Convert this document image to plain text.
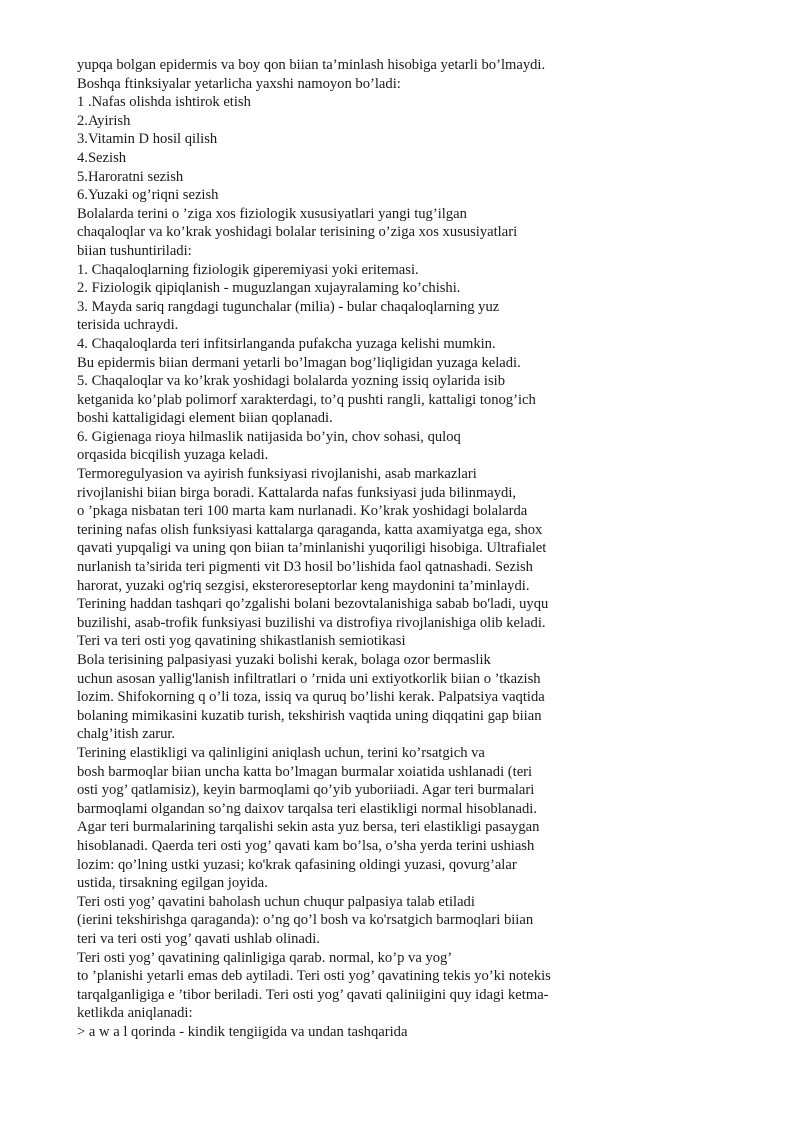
yupqa bolgan epidermis va boy qon biian ta’minlash hisobiga yetarli bo’lmaydi.

Boshqa ftinksiyalar yetarlicha yaxshi namoyon bo’ladi:

1 .Nafas olishda ishtirok etish

2.Ayirish

3.Vitamin D hosil qilish

4.Sezish

5.Haroratni sezish

6.Yuzaki og’riqni sezish

Bolalarda terini o ’ziga xos fiziologik xususiyatlari yangi tug’ilgan

chaqaloqlar va ko’krak yoshidagi bolalar terisining o’ziga xos xususiyatlari

biian tushuntiriladi:

1. Chaqaloqlarning fiziologik giperemiyasi yoki eritemasi.

2. Fiziologik qipiqlanish - muguzlangan xujayralaming ko’chishi.

3. Mayda sariq rangdagi tugunchalar (milia) - bular chaqaloqlarning yuz

terisida uchraydi.

4. Chaqaloqlarda teri infitsirlanganda pufakcha yuzaga kelishi mumkin.

Bu epidermis biian dermani yetarli bo’lmagan bog’liqligidan yuzaga keladi.

5. Chaqaloqlar va ko’krak yoshidagi bolalarda yozning issiq oylarida isib

ketganida ko’plab polimorf xarakterdagi, to’q pushti rangli, kattaligi tonog’ich

boshi kattaligidagi element biian qoplanadi.

6. Gigienaga rioya hilmaslik natijasida bo’yin, chov sohasi, quloq

orqasida bicqilish yuzaga keladi.

Termoregulyasion va ayirish funksiyasi rivojlanishi, asab markazlari

rivojlanishi biian birga boradi. Kattalarda nafas funksiyasi juda bilinmaydi,

o ’pkaga nisbatan teri 100 marta kam nurlanadi. Ko’krak yoshidagi bolalarda

terining nafas olish funksiyasi kattalarga qaraganda, katta axamiyatga ega, shox

qavati yupqaligi va uning qon biian ta’minlanishi yuqoriligi hisobiga. Ultrafialet

nurlanish ta’sirida teri pigmenti vit D3 hosil bo’lishida faol qatnashadi. Sezish

harorat, yuzaki og'riq sezgisi, eksteroreseptorlar keng maydonini ta’minlaydi.

Terining haddan tashqari qo’zgalishi bolani bezovtalanishiga sabab bo'ladi, uyqu

buzilishi, asab-trofik funksiyasi buzilishi va distrofiya rivojlanishiga olib keladi.

Teri va teri osti yog qavatining shikastlanish semiotikasi

Bola terisining palpasiyasi yuzaki bolishi kerak, bolaga ozor bermaslik

uchun asosan yallig'lanish infiltratlari o ’rnida uni extiyotkorlik biian o ’tkazish

lozim. Shifokorning q o’li toza, issiq va quruq bo’lishi kerak. Palpatsiya vaqtida

bolaning mimikasini kuzatib turish, tekshirish vaqtida uning diqqatini gap biian

chalg’itish zarur.

Terining elastikligi va qalinligini aniqlash uchun, terini ko’rsatgich va

bosh barmoqlar biian uncha katta bo’lmagan burmalar xoiatida ushlanadi (teri

osti yog’ qatlamisiz), keyin barmoqlami qo’yib yuboriiadi. Agar teri burmalari

barmoqlami olgandan so’ng daixov tarqalsa teri elastikligi normal hisoblanadi.

Agar teri burmalarining tarqalishi sekin asta yuz bersa, teri elastikligi pasaygan

hisoblanadi. Qaerda teri osti yog’ qavati kam bo’lsa, o’sha yerda terini ushiash

lozim: qo’lning ustki yuzasi; ko'krak qafasining oldingi yuzasi, qovurg’alar

ustida, tirsakning egilgan joyida.

Teri osti yog’ qavatini baholash uchun chuqur palpasiya talab etiladi

(ierini tekshirishga qaraganda): o’ng qo’l bosh va ko'rsatgich barmoqlari biian

teri va teri osti yog’ qavati ushlab olinadi.

Teri osti yog’ qavatining qalinligiga qarab. normal, ko’p va yog’

to ’planishi yetarli emas deb aytiladi. Teri osti yog’ qavatining tekis yo’ki notekis

tarqalganligiga e ’tibor beriladi. Teri osti yog’ qavati qaliniigini quy idagi ketma-

ketlikda aniqlanadi:

> a w a l qorinda - kindik tengiigida va undan tashqarida
